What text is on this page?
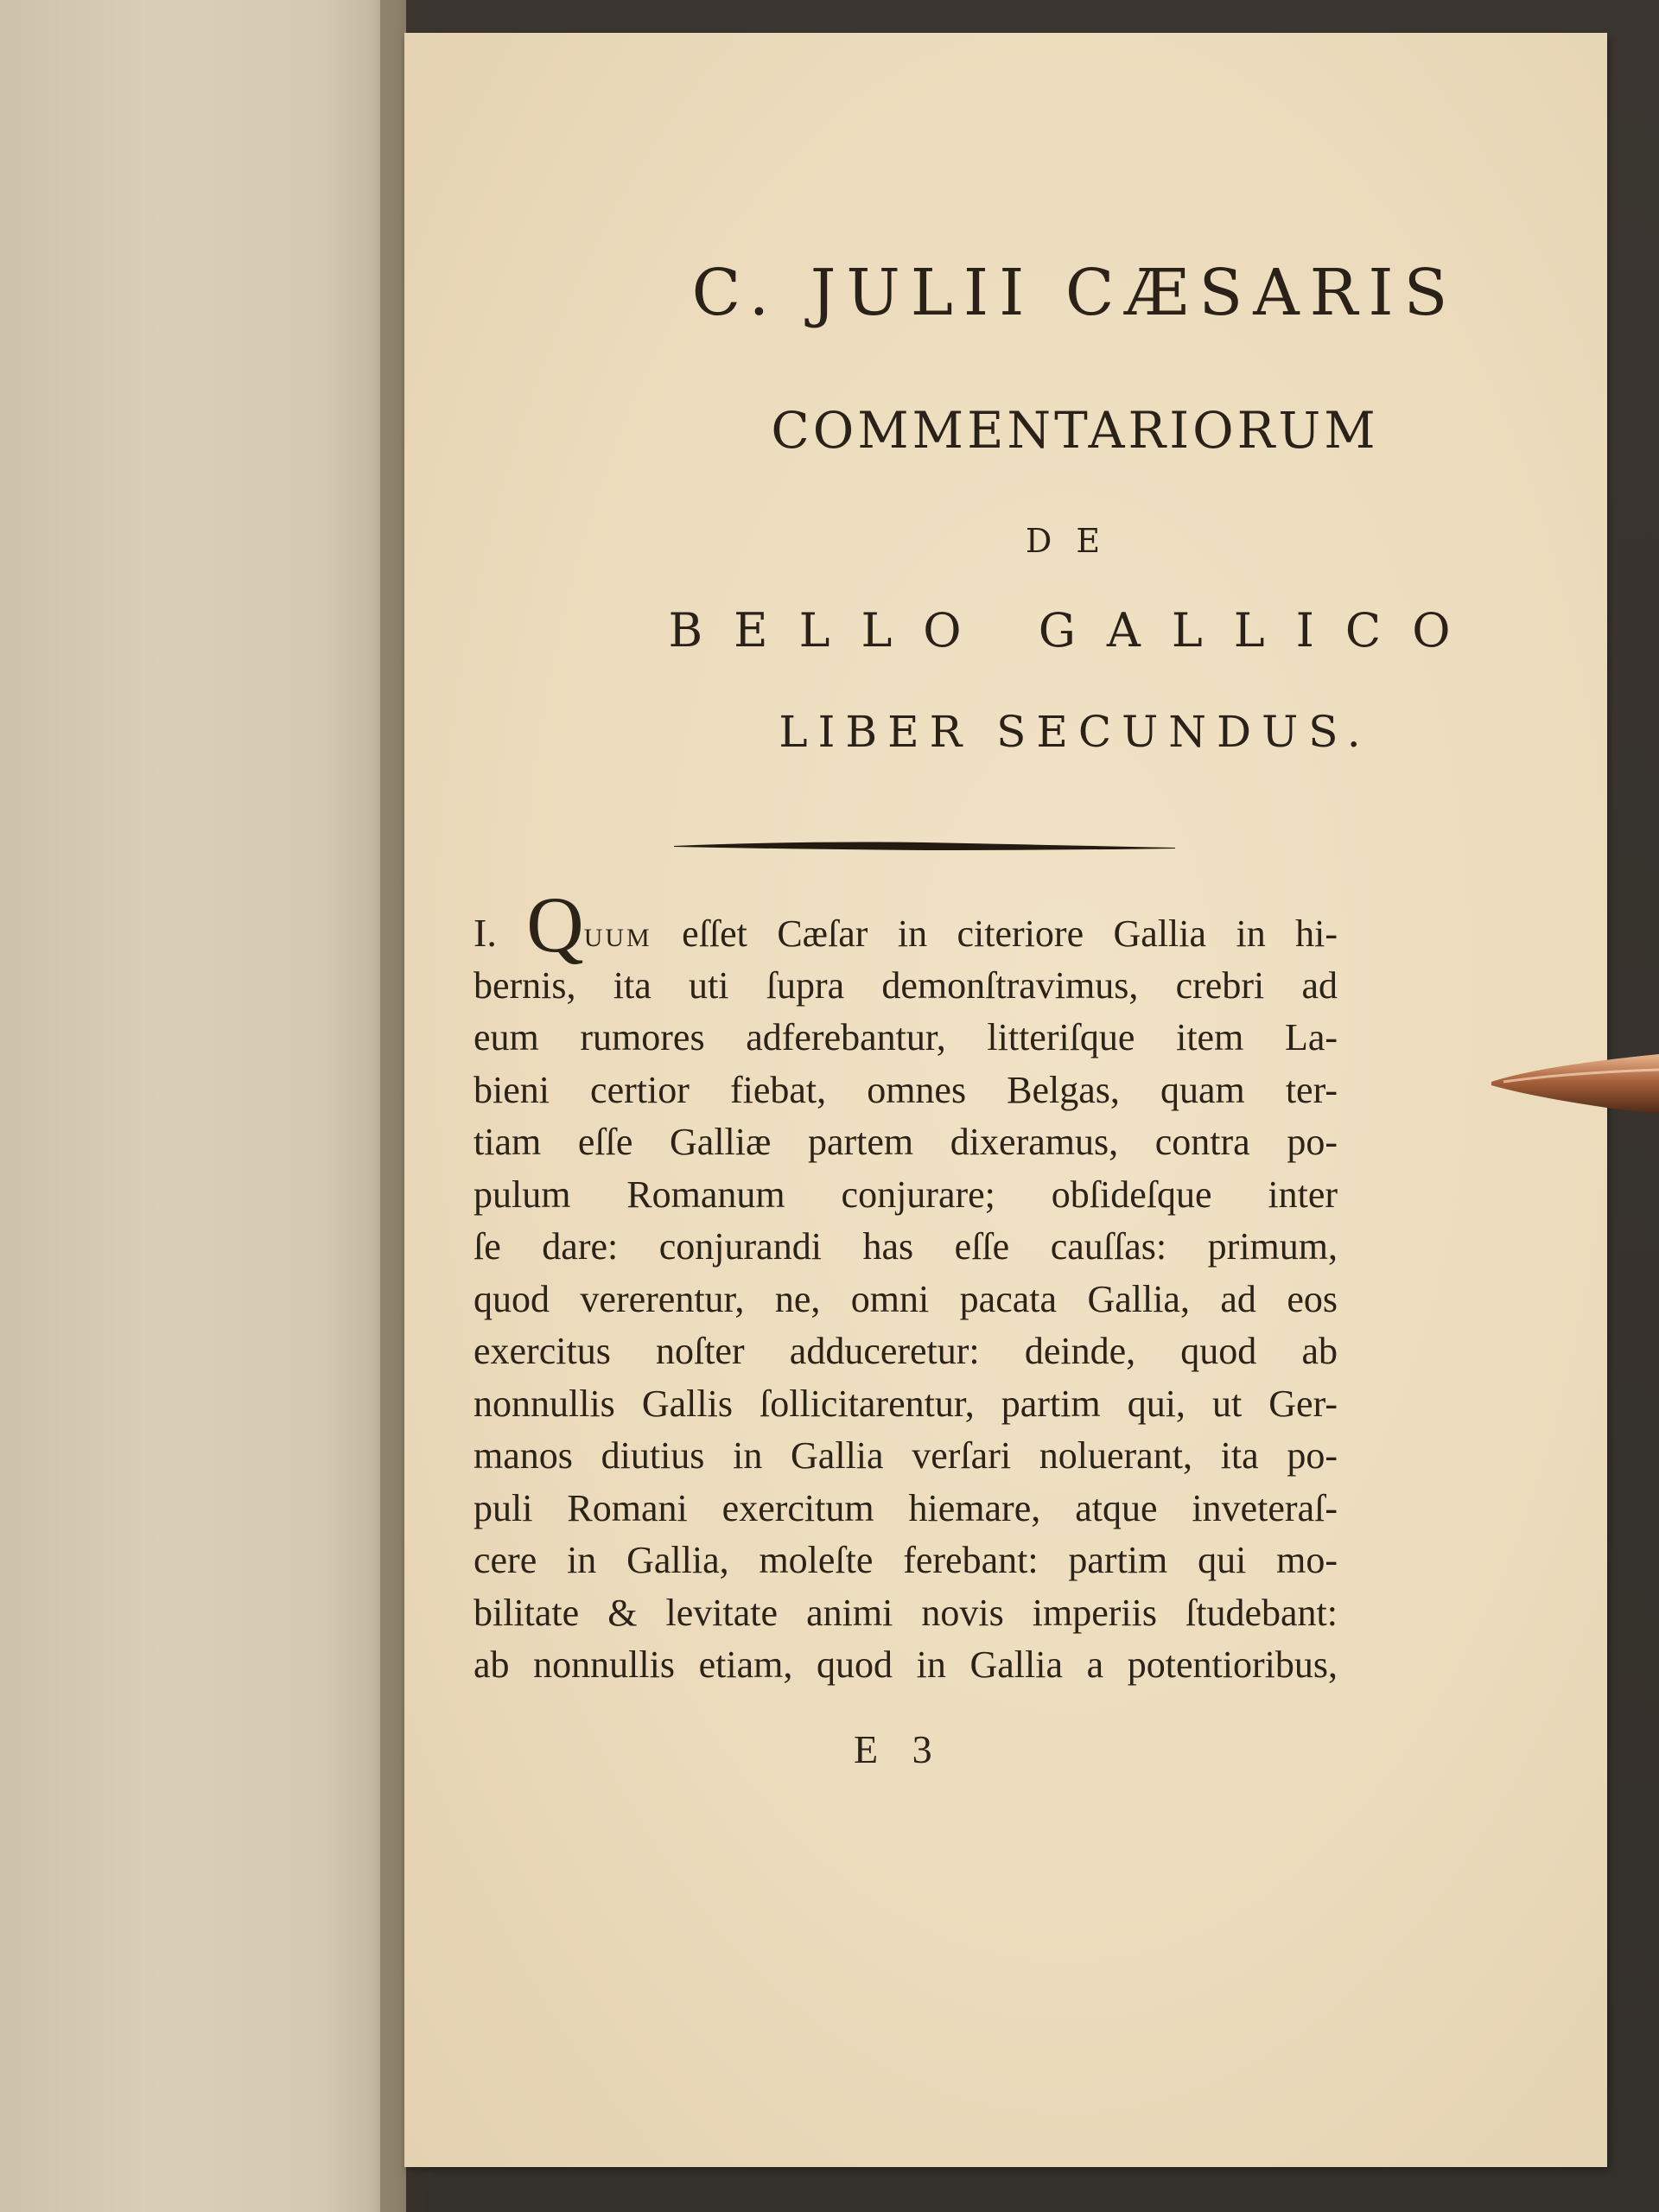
C. JULII CÆSARIS
COMMENTARIORUM
DE
BELLO GALLICO
LIBER SECUNDUS.
I. QUUM eſſet Cæſar in citeriore Gallia in hi-
bernis, ita uti ſupra demonſtravimus, crebri ad
eum rumores adferebantur, litteriſque item La-
bieni certior fiebat, omnes Belgas, quam ter-
tiam eſſe Galliæ partem dixeramus, contra po-
pulum Romanum conjurare; obſideſque inter
ſe dare: conjurandi has eſſe cauſſas: primum,
quod vererentur, ne, omni pacata Gallia, ad eos
exercitus noſter adduceretur: deinde, quod ab
nonnullis Gallis ſollicitarentur, partim qui, ut Ger-
manos diutius in Gallia verſari noluerant, ita po-
puli Romani exercitum hiemare, atque inveteraſ-
cere in Gallia, moleſte ferebant: partim qui mo-
bilitate & levitate animi novis imperiis ſtudebant:
ab nonnullis etiam, quod in Gallia a potentioribus,
E 3
